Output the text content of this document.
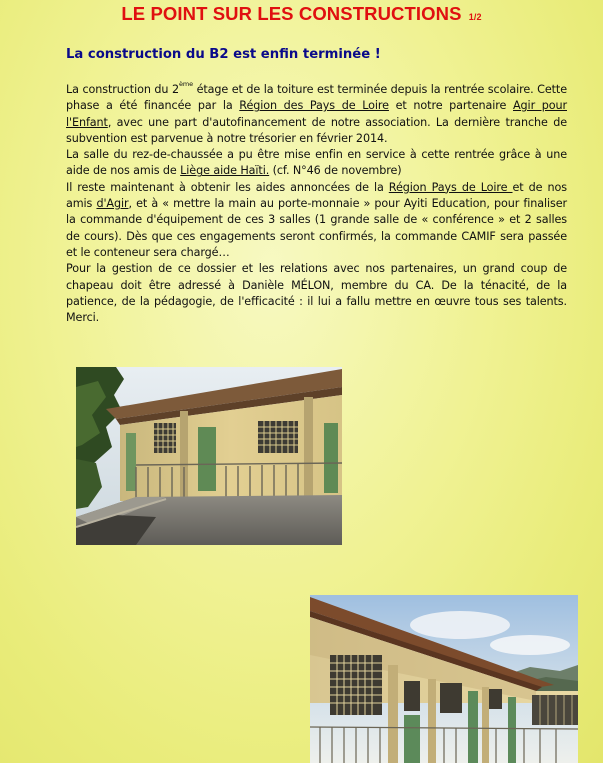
LE POINT SUR LES CONSTRUCTIONS 1/2
La construction du B2 est enfin terminée !

La construction du 2ème étage et de la toiture est terminée depuis la rentrée scolaire. Cette phase a été financée par la Région des Pays de Loire et notre partenaire Agir pour l'Enfant, avec une part d'autofinancement de notre association. La dernière tranche de subvention est parvenue à notre trésorier en février 2014.

La salle du rez-de-chaussée a pu être mise enfin en service à cette rentrée grâce à une aide de nos amis de Liège aide Haïti. (cf. N°46 de novembre)

Il reste maintenant à obtenir les aides annoncées de la Région Pays de Loire et de nos amis d'Agir, et à « mettre la main au porte-monnaie » pour Ayiti Education, pour finaliser la commande d'équipement de ces 3 salles (1 grande salle de « conférence » et 2 salles de cours). Dès que ces engagements seront confirmés, la commande CAMIF sera passée et le conteneur sera chargé…

Pour la gestion de ce dossier et les relations avec nos partenaires, un grand coup de chapeau doit être adressé à Danièle MÉLON, membre du CA. De la ténacité, de la patience, de la pédagogie, de l'efficacité : il lui a fallu mettre en œuvre tous ses talents. Merci.
